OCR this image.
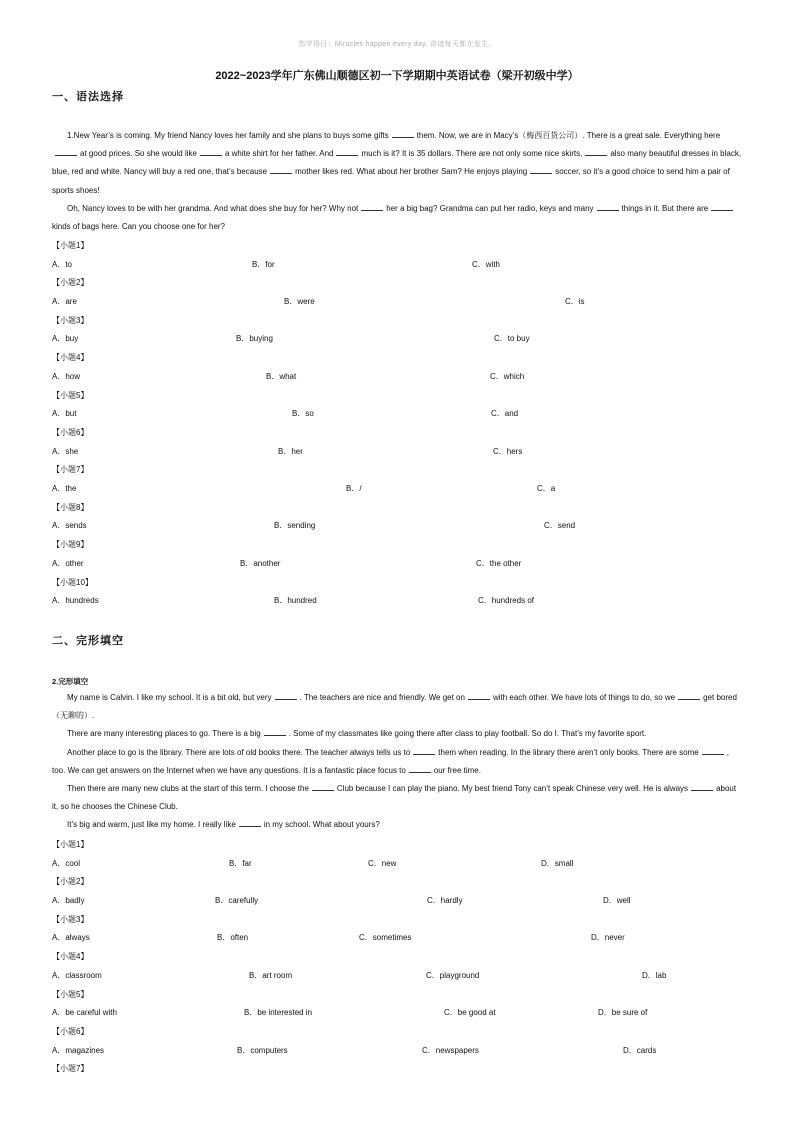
您学得日：Miracles happen every day. 奇迹每天都在发生。
2022~2023学年广东佛山顺德区初一下学期期中英语试卷（梁开初级中学）
一、语法选择

1.New Year’s is coming. My friend Nancy loves her family and she plans to buys some gifts	them. Now, we are in Macy’s（梅西百货公司）. There is a great sale. Everything hereat good prices. So she would like	a white shirt for her father. And	much is it? It is 35 dollars. There are not only some nice skirts,	also many beautiful dresses in black, blue, red and white. Nancy will buy a red one, that’s because	mother likes red. What about her brother Sam? He enjoys playing	soccer, so it’s a good choice to send him a pair of sports shoes!

Oh, Nancy loves to be with her grandma. And what does she buy for her? Why not	her a big bag? Grandma can put her radio, keys and many	things in it. But there arekinds of bags here. Can you choose one for her?

【小题1】
A．to	B．for	C．with
【小题2】
A．are	B．were	C．is
【小题3】
A．buy	B．buying	C．to buy
【小题4】
A．how	B．what	C．which
【小题5】
A．but	B．so	C．and
【小题6】
A．she	B．her	C．hers
【小题7】
A．the	B．/	C．a
【小题8】
A．sends	B．sending	C．send
【小题9】
A．other	B．another	C．the other
【小题10】
A．hundreds	B．hundred	C．hundreds of
二、完形填空
2.完形填空

My name is Calvin. I like my school. It is a bit old, but very	. The teachers are nice and friendly. We get on	with each other. We have lots of things to do, so we	get bored（无聊的）.

There are many interesting places to go. There is a big	. Some of my classmates like going there after class to play football. So do I. That’s my favorite sport.

Another place to go is the library. There are lots of old books there. The teacher always tells us to	them when reading. In the library there aren’t only books. There are some	, too. We can get answers on the Internet when we have any questions. It is a fantastic place focus to	our free time.

Then there are many new clubs at the start of this term. I choose the	Club because I can play the piano. My best friend Tony can’t speak Chinese very well. He is always	about it, so he chooses the Chinese Club.

It’s big and warm, just like my home. I really like	in my school. What about yours?

【小题1】
A．cool	B．far	C．new	D．small
【小题2】
A．badly	B．carefully	C．hardly	D．well
【小题3】
A．always	B．often	C．sometimes	D．never
【小题4】
A．classroom	B．art room	C．playground	D．lab
【小题5】
A．be careful with	B．be interested in	C．be good at	D．be sure of
【小题6】
A．magazines	B．computers	C．newspapers	D．cards
【小题7】
